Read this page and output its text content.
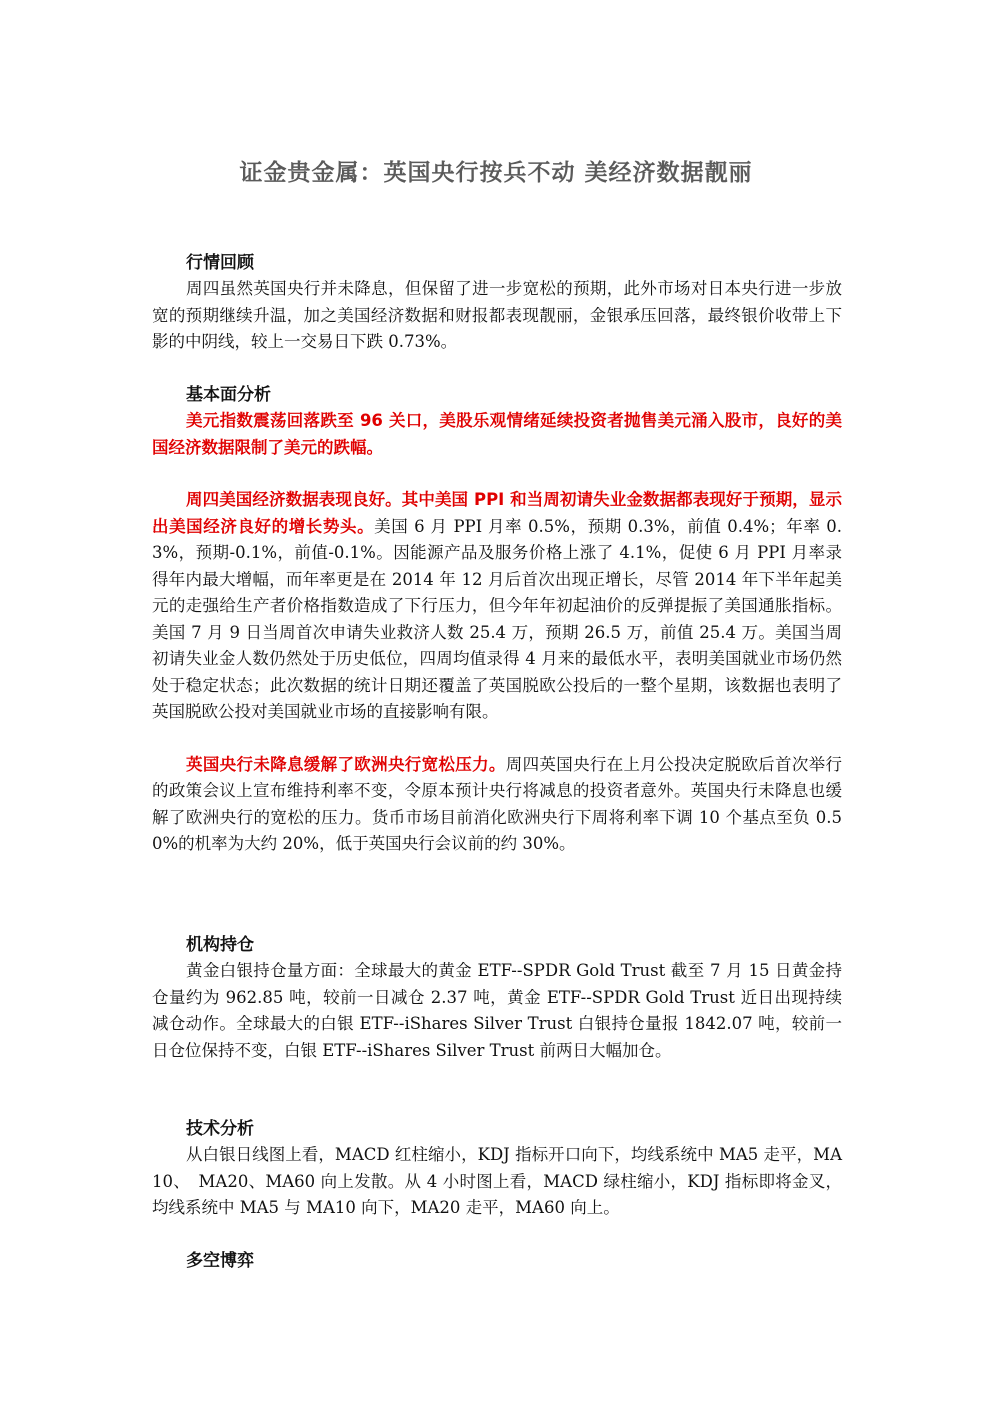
证金贵金属：英国央行按兵不动 美经济数据靓丽

行情回顾

周四虽然英国央行并未降息，但保留了进一步宽松的预期，此外市场对日本央行进一步放宽的预期继续升温，加之美国经济数据和财报都表现靓丽，金银承压回落，最终银价收带上下影的中阴线，较上一交易日下跌 0.73%。

基本面分析

美元指数震荡回落跌至 96 关口，美股乐观情绪延续投资者抛售美元涌入股市，良好的美国经济数据限制了美元的跌幅。

周四美国经济数据表现良好。其中美国 PPI 和当周初请失业金数据都表现好于预期，显示出美国经济良好的增长势头。美国 6 月 PPI 月率 0.5%，预期 0.3%，前值 0.4%；年率 0.3%，预期-0.1%，前值-0.1%。因能源产品及服务价格上涨了 4.1%，促使 6 月 PPI 月率录得年内最大增幅，而年率更是在 2014 年 12 月后首次出现正增长，尽管 2014 年下半年起美元的走强给生产者价格指数造成了下行压力，但今年年初起油价的反弹提振了美国通胀指标。美国 7 月 9 日当周首次申请失业救济人数 25.4 万，预期 26.5 万，前值 25.4 万。美国当周初请失业金人数仍然处于历史低位，四周均值录得 4 月来的最低水平，表明美国就业市场仍然处于稳定状态；此次数据的统计日期还覆盖了英国脱欧公投后的一整个星期，该数据也表明了英国脱欧公投对美国就业市场的直接影响有限。

英国央行未降息缓解了欧洲央行宽松压力。周四英国央行在上月公投决定脱欧后首次举行的政策会议上宣布维持利率不变，令原本预计央行将减息的投资者意外。英国央行未降息也缓解了欧洲央行的宽松的压力。货币市场目前消化欧洲央行下周将利率下调 10 个基点至负 0.50%的机率为大约 20%，低于英国央行会议前的约 30%。

机构持仓

黄金白银持仓量方面：全球最大的黄金 ETF--SPDR Gold Trust 截至 7 月 15 日黄金持仓量约为 962.85 吨，较前一日减仓 2.37 吨，黄金 ETF--SPDR Gold Trust 近日出现持续减仓动作。全球最大的白银 ETF--iShares Silver Trust 白银持仓量报 1842.07 吨，较前一日仓位保持不变，白银 ETF--iShares Silver Trust 前两日大幅加仓。

技术分析

从白银日线图上看，MACD 红柱缩小，KDJ 指标开口向下，均线系统中 MA5 走平，MA10、　MA20、MA60 向上发散。从 4 小时图上看，MACD 绿柱缩小，KDJ 指标即将金叉，均线系统中 MA5 与 MA10 向下，MA20 走平，MA60 向上。

多空博弈
